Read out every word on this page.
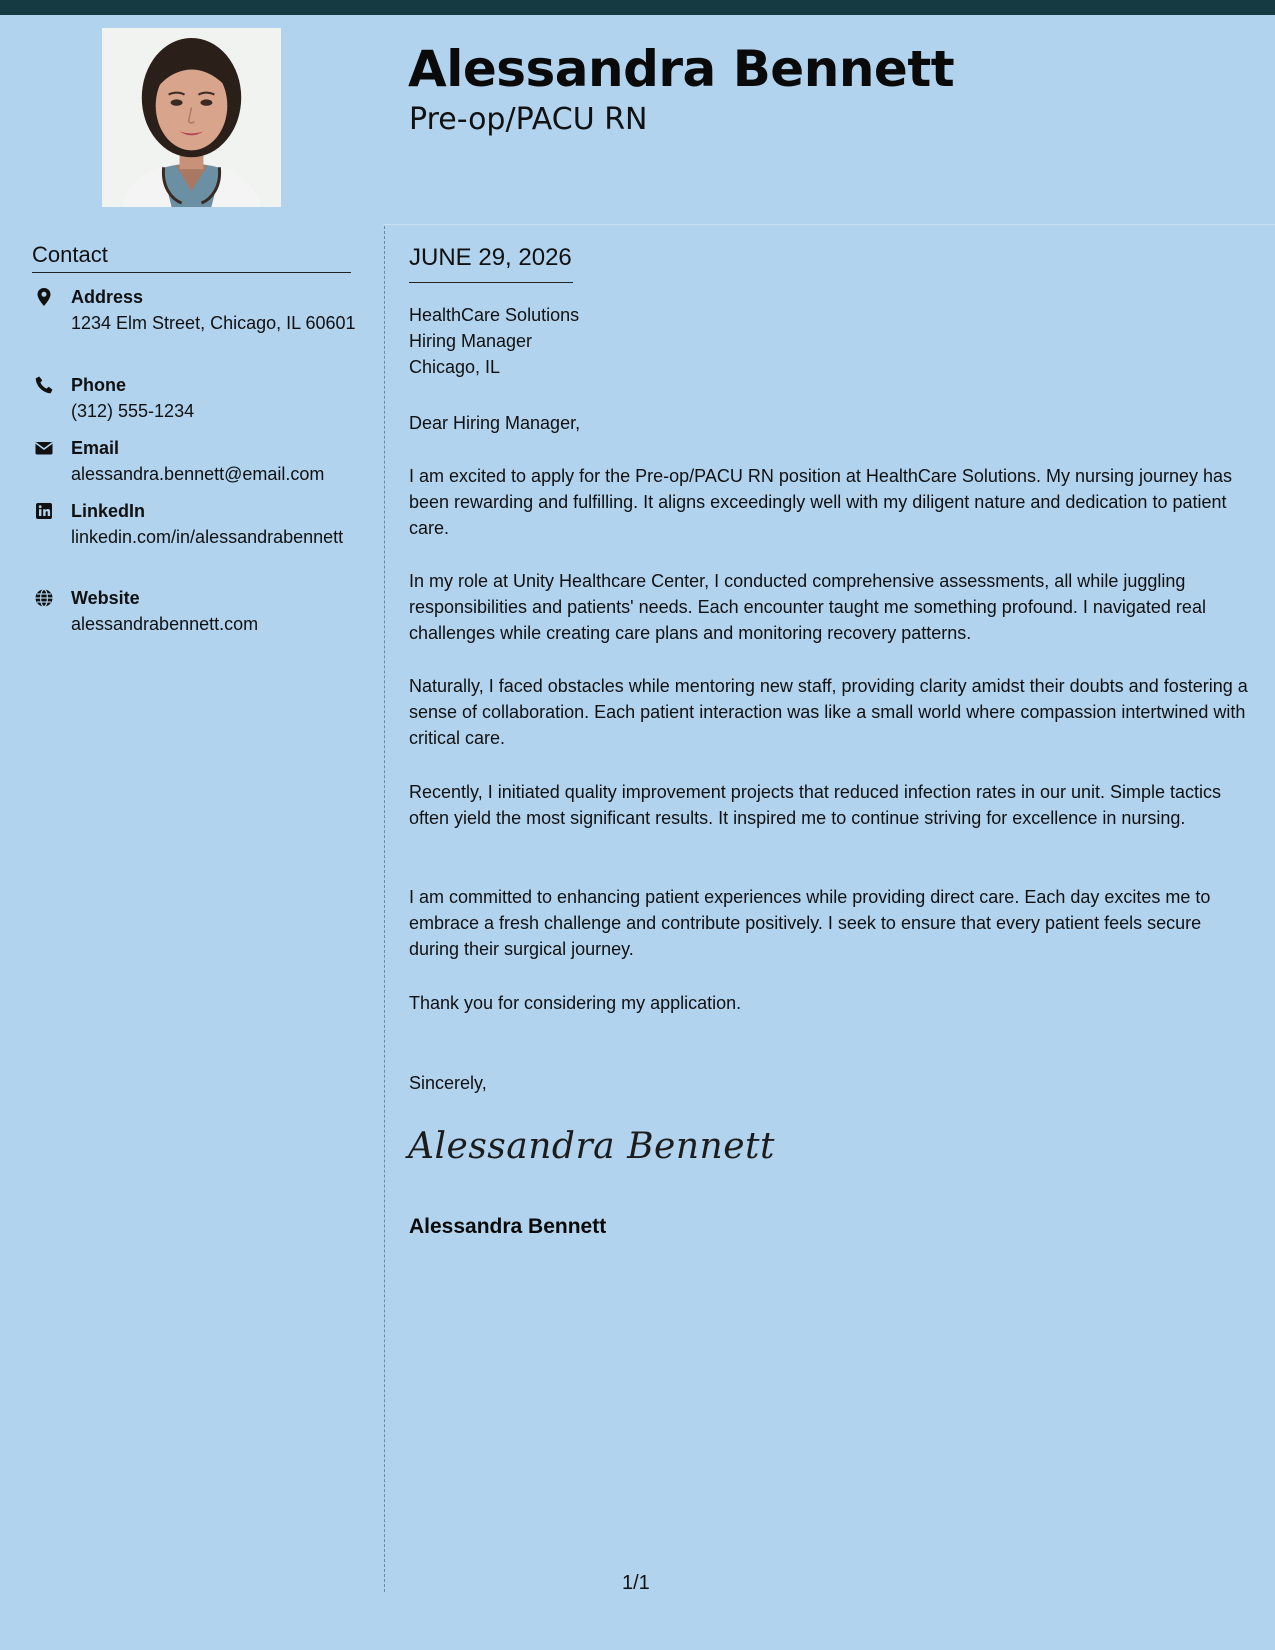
Alessandra Bennett
Pre-op/PACU RN
Contact
Address
1234 Elm Street, Chicago, IL 60601
Phone
(312) 555-1234
Email
alessandra.bennett@email.com
LinkedIn
linkedin.com/in/alessandrabennett
Website
alessandrabennett.com
JUNE 29, 2026
HealthCare Solutions
Hiring Manager
Chicago, IL
Dear Hiring Manager,
I am excited to apply for the Pre-op/PACU RN position at HealthCare Solutions. My nursing journey has been rewarding and fulfilling. It aligns exceedingly well with my diligent nature and dedication to patient care.
In my role at Unity Healthcare Center, I conducted comprehensive assessments, all while juggling responsibilities and patients' needs. Each encounter taught me something profound. I navigated real challenges while creating care plans and monitoring recovery patterns.
Naturally, I faced obstacles while mentoring new staff, providing clarity amidst their doubts and fostering a sense of collaboration. Each patient interaction was like a small world where compassion intertwined with critical care.
Recently, I initiated quality improvement projects that reduced infection rates in our unit. Simple tactics often yield the most significant results. It inspired me to continue striving for excellence in nursing.
I am committed to enhancing patient experiences while providing direct care. Each day excites me to embrace a fresh challenge and contribute positively. I seek to ensure that every patient feels secure during their surgical journey.
Thank you for considering my application.
Sincerely,
Alessandra Bennett
Alessandra Bennett
1/1
